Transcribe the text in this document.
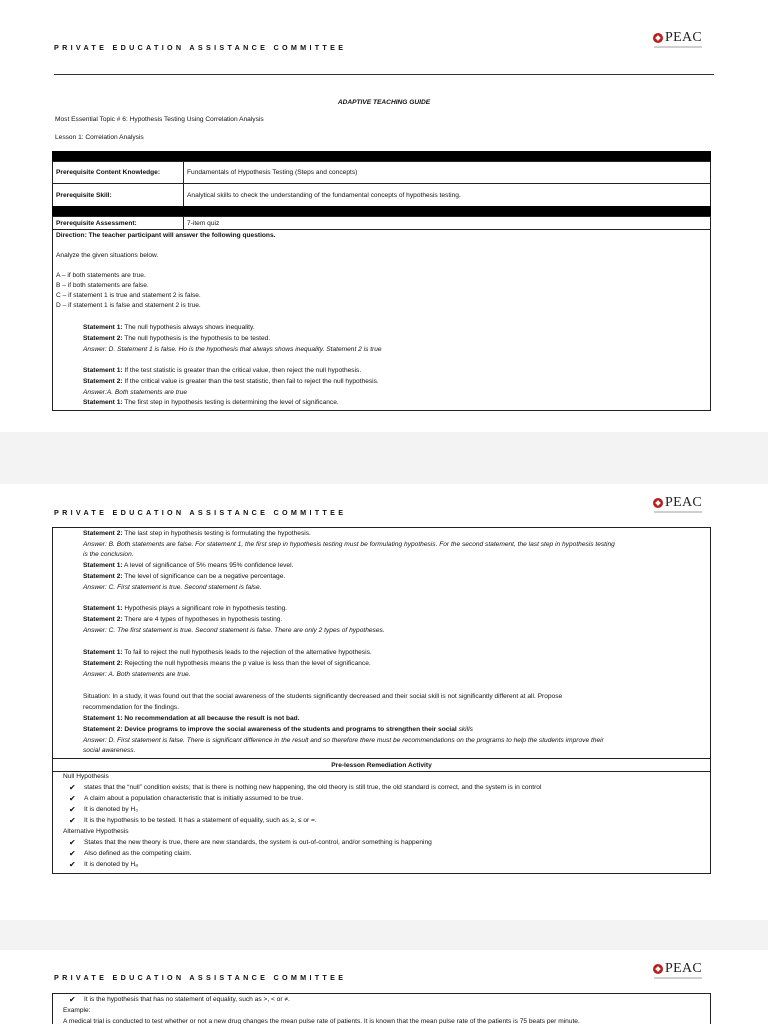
PRIVATE EDUCATION ASSISTANCE COMMITTEE
PEAC
ADAPTIVE TEACHING GUIDE
Most Essential Topic # 6: Hypothesis Testing Using Correlation Analysis
Lesson 1: Correlation Analysis
Prerequisite Content Knowledge:	Fundamentals of Hypothesis Testing (Steps and concepts)
Prerequisite Skill:	Analytical skills to check the understanding of the fundamental concepts of hypothesis testing.
Prerequisite Assessment:	7-item quiz
Direction: The teacher participant will answer the following questions.
Analyze the given situations below.
A – if both statements are true.
B – if both statements are false.
C – if statement 1 is true and statement 2 is false.
D – if statement 1 is false and statement 2 is true.
Statement 1: The null hypothesis always shows inequality.
Statement 2: The null hypothesis is the hypothesis to be tested.
Answer: D. Statement 1 is false. Ho is the hypothesis that always shows inequality. Statement 2 is true
Statement 1: If the test statistic is greater than the critical value, then reject the null hypothesis.
Statement 2: If the critical value is greater than the test statistic, then fail to reject the null hypothesis.
Answer:A. Both statements are true
Statement 1: The first step in hypothesis testing is determining the level of significance.
PRIVATE EDUCATION ASSISTANCE COMMITTEE
PEAC
Statement 2: The last step in hypothesis testing is formulating the hypothesis.
Answer: B. Both statements are false. For statement 1, the first step in hypothesis testing must be formulating hypothesis. For the second statement, the last step in hypothesis testing
is the conclusion.
Statement 1: A level of significance of 5% means 95% confidence level.
Statement 2: The level of significance can be a negative percentage.
Answer: C. First statement is true. Second statement is false.
Statement 1: Hypothesis plays a significant role in hypothesis testing.
Statement 2: There are 4 types of hypotheses in hypothesis testing.
Answer: C. The first statement is true. Second statement is false. There are only 2 types of hypotheses.
Statement 1: To fail to reject the null hypothesis leads to the rejection of the alternative hypothesis.
Statement 2: Rejecting the null hypothesis means the p value is less than the level of significance.
Answer: A. Both statements are true.
Situation: In a study, it was found out that the social awareness of the students significantly decreased and their social skill is not significantly different at all. Propose
recommendation for the findings.
Statement 1: No recommendation at all because the result is not bad.
Statement 2: Device programs to improve the social awareness of the students and programs to strengthen their social skills
Answer: D. First statement is false. There is significant difference in the result and so therefore there must be recommendations on the programs to help the students improve their
social awareness.
Pre-lesson Remediation Activity
Null Hypothesis
✔ states that the “null” condition exists; that is there is nothing new happening, the old theory is still true, the old standard is correct, and the system is in control
✔ A claim about a population characteristic that is initially assumed to be true.
✔ It is denoted by H₀
✔ It is the hypothesis to be tested. It has a statement of equality, such as ≥, ≤ or =.
Alternative Hypothesis
✔ States that the new theory is true, there are new standards, the system is out-of-control, and/or something is happening
✔ Also defined as the competing claim.
✔ It is denoted by Hₐ
PRIVATE EDUCATION ASSISTANCE COMMITTEE
PEAC
✔ It is the hypothesis that has no statement of equality, such as >, < or ≠.
Example:
A medical trial is conducted to test whether or not a new drug changes the mean pulse rate of patients. It is known that the mean pulse rate of the patients is 75 beats per minute.
